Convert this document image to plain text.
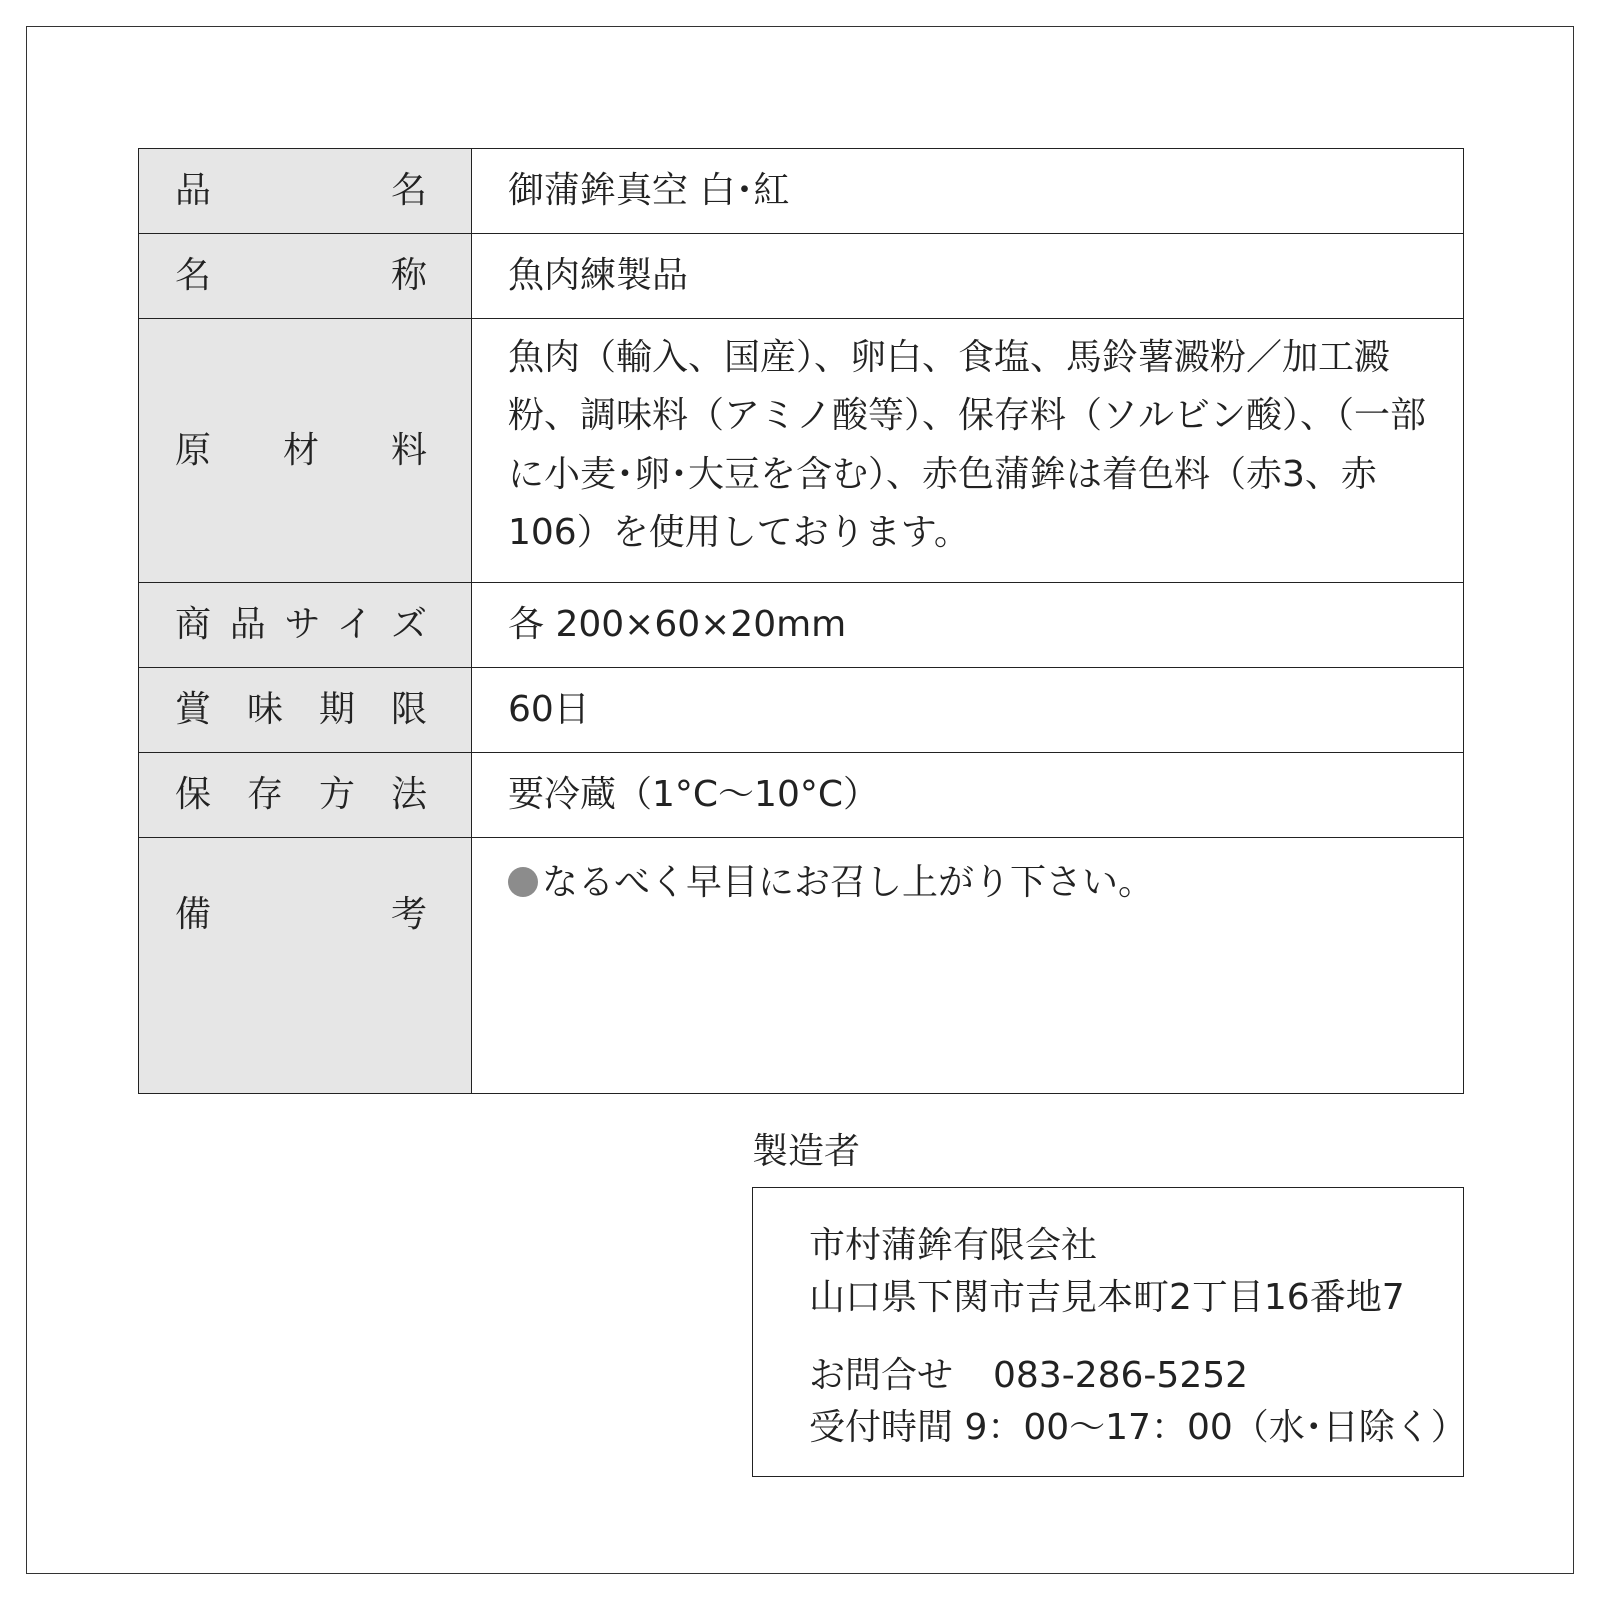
品　　　名	御蒲鉾真空 白･紅

名　　　称	魚肉練製品

原　材　料	魚肉（輸入、国産）、卵白、食塩、馬鈴薯澱粉／加工澱粉、調味料（アミノ酸等）、保存料（ソルビン酸）、（一部に小麦･卵･大豆を含む）、赤色蒲鉾は着色料（赤3、赤106）を使用しております。

商品サイズ	各 200×60×20mm

賞味期限	60日

保存方法	要冷蔵（1°C～10°C）

備　　　考	なるべく早目にお召し上がり下さい。
製造者
市村蒲鉾有限会社
山口県下関市吉見本町2丁目16番地7
お問合せ 083-286-5252
受付時間 9：00～17：00（水･日除く）
